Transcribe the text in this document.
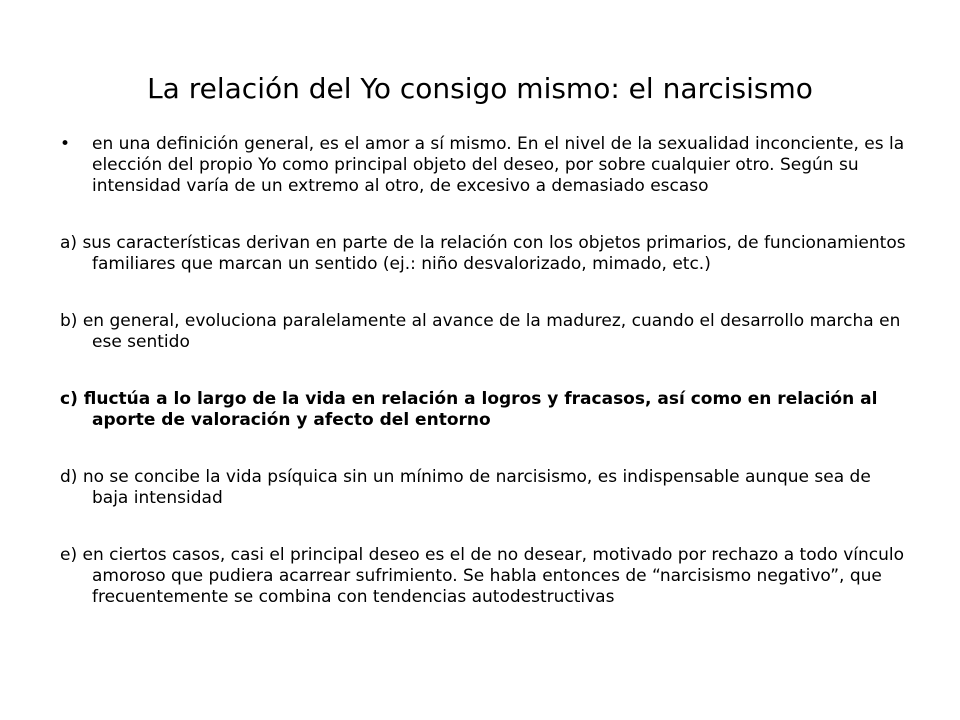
La relación del Yo consigo mismo: el narcisismo
• en una definición general, es el amor a sí mismo. En el nivel de la sexualidad inconciente, es la elección del propio Yo como principal objeto del deseo, por sobre cualquier otro. Según su intensidad varía de un extremo al otro, de excesivo a demasiado escaso

a) sus características derivan en parte de la relación con los objetos primarios, de funcionamientos familiares que marcan un sentido (ej.: niño desvalorizado, mimado, etc.)

b) en general, evoluciona paralelamente al avance de la madurez, cuando el desarrollo marcha en ese sentido

c) fluctúa a lo largo de la vida en relación a logros y fracasos, así como en relación al aporte de valoración y afecto del entorno

d) no se concibe la vida psíquica sin un mínimo de narcisismo, es indispensable aunque sea de baja intensidad

e) en ciertos casos, casi el principal deseo es el de no desear, motivado por rechazo a todo vínculo amoroso que pudiera acarrear sufrimiento. Se habla entonces de “narcisismo negativo”, que frecuentemente se combina con tendencias autodestructivas
